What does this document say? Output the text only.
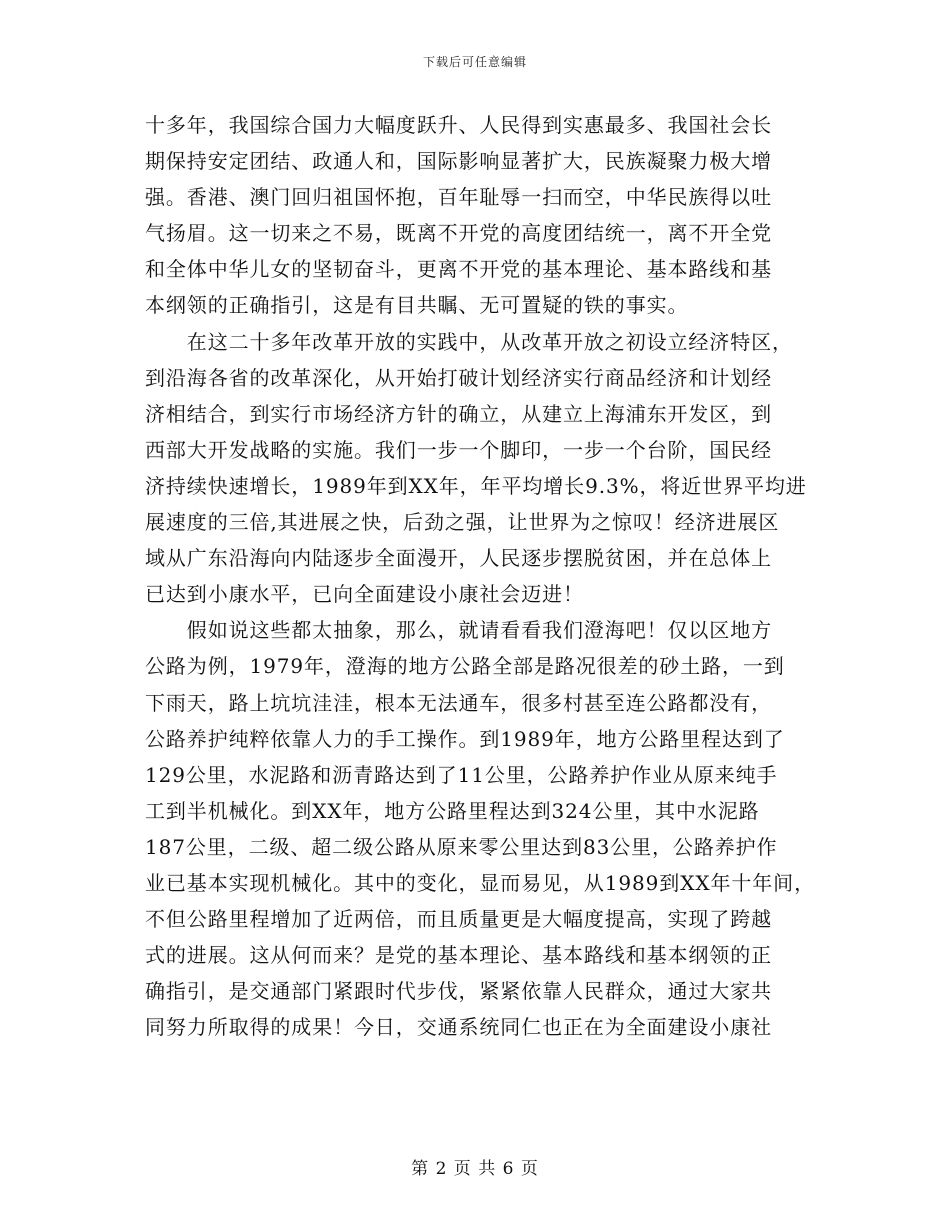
下载后可任意编辑
十多年，我国综合国力大幅度跃升、人民得到实惠最多、我国社会长
期保持安定团结、政通人和，国际影响显著扩大，民族凝聚力极大增
强。香港、澳门回归祖国怀抱，百年耻辱一扫而空，中华民族得以吐
气扬眉。这一切来之不易，既离不开党的高度团结统一，离不开全党
和全体中华儿女的坚韧奋斗，更离不开党的基本理论、基本路线和基
本纲领的正确指引，这是有目共瞩、无可置疑的铁的事实。
　　在这二十多年改革开放的实践中，从改革开放之初设立经济特区，
到沿海各省的改革深化，从开始打破计划经济实行商品经济和计划经
济相结合，到实行市场经济方针的确立，从建立上海浦东开发区，到
西部大开发战略的实施。我们一步一个脚印，一步一个台阶，国民经
济持续快速增长，1989年到XX年，年平均增长9.3%，将近世界平均进
展速度的三倍,其进展之快，后劲之强，让世界为之惊叹！经济进展区
域从广东沿海向内陆逐步全面漫开，人民逐步摆脱贫困，并在总体上
已达到小康水平，已向全面建设小康社会迈进！
　　假如说这些都太抽象，那么，就请看看我们澄海吧！仅以区地方
公路为例，1979年，澄海的地方公路全部是路况很差的砂土路，一到
下雨天，路上坑坑洼洼，根本无法通车，很多村甚至连公路都没有，
公路养护纯粹依靠人力的手工操作。到1989年，地方公路里程达到了
129公里，水泥路和沥青路达到了11公里，公路养护作业从原来纯手
工到半机械化。到XX年，地方公路里程达到324公里，其中水泥路
187公里，二级、超二级公路从原来零公里达到83公里，公路养护作
业已基本实现机械化。其中的变化，显而易见，从1989到XX年十年间，
不但公路里程增加了近两倍，而且质量更是大幅度提高，实现了跨越
式的进展。这从何而来？是党的基本理论、基本路线和基本纲领的正
确指引，是交通部门紧跟时代步伐，紧紧依靠人民群众，通过大家共
同努力所取得的成果！今日，交通系统同仁也正在为全面建设小康社
第 2 页 共 6 页
